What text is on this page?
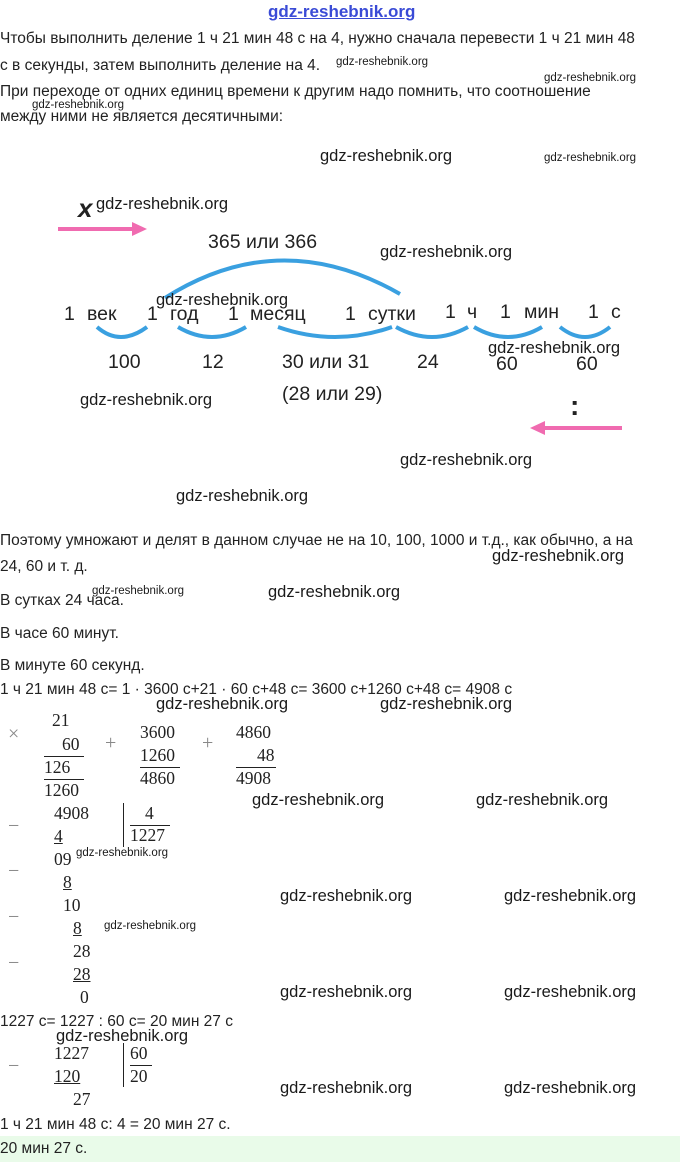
gdz-reshebnik.org
Чтобы выполнить деление 1 ч 21 мин 48 с на 4, нужно сначала перевести 1 ч 21 мин 48
с в секунды, затем выполнить деление на 4.
При переходе от одних единиц времени к другим надо помнить, что соотношение
между ними не является десятичными:
gdz-reshebnik.org
gdz-reshebnik.org
gdz-reshebnik.org
gdz-reshebnik.org	gdz-reshebnik.org
x
:
365 или 366
1 век 1 год 1 месяц 1 сутки 1 ч 1 мин 1 с
100	12	30 или 31 24	60	60
(28 или 29)
gdz-reshebnik.org
gdz-reshebnik.org
gdz-reshebnik.org
gdz-reshebnik.org
gdz-reshebnik.org
gdz-reshebnik.org
gdz-reshebnik.org
Поэтому умножают и делят в данном случае не на 10, 100, 1000 и т.д., как обычно, а на
24, 60 и т. д.
gdz-reshebnik.org
В сутках 24 часа.
gdz-reshebnik.org	gdz-reshebnik.org
В часе 60 минут.
В минуте 60 секунд.
1 ч 21 мин 48 с= 1 · 3600 с+21 · 60 с+48 с= 3600 с+1260 с+48 с= 4908 с
gdz-reshebnik.org	gdz-reshebnik.org
×
21
60
126
1260
+ 3600
1260
4860
+ 4860
48
4908
−
4908	4
1227
4
09 gdz-reshebnik.org
− 8
10
−	8 gdz-reshebnik.org
28
−	28
0
gdz-reshebnik.org	gdz-reshebnik.org
gdz-reshebnik.org	gdz-reshebnik.org
gdz-reshebnik.org	gdz-reshebnik.org
1227 с= 1227 : 60 с= 20 мин 27 с
gdz-reshebnik.org
−
1227 60
20
120
27
gdz-reshebnik.org	gdz-reshebnik.org
1 ч 21 мин 48 с: 4 = 20 мин 27 с.
20 мин 27 с.
